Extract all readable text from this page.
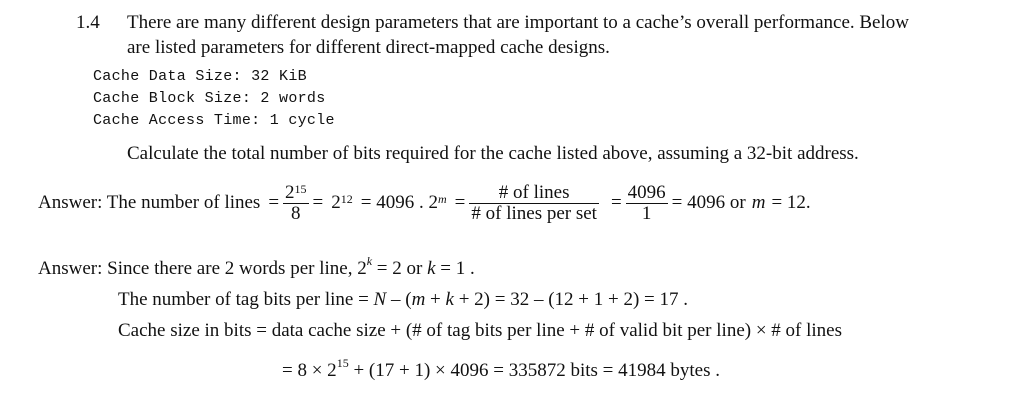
1.4 There are many different design parameters that are important to a cache’s overall performance. Below
are listed parameters for different direct-mapped cache designs.
Cache Data Size: 32 KiB
Cache Block Size: 2 words
Cache Access Time: 1 cycle
Calculate the total number of bits required for the cache listed above, assuming a 32-bit address.
Answer: The number of lines = $\frac{2^{15}}{8} = 2^{12} = 4096$ . $2^m = \frac{\text{\# of lines}}{\text{\# of lines per set}} = \frac{4096}{1} = 4096$ or m = 12.
Answer: Since there are 2 words per line, $2^k = 2$ or k = 1 .
The number of tag bits per line = N – (m + k + 2) = 32 – (12 + 1 + 2) = 17 .
Cache size in bits = data cache size + (# of tag bits per line + # of valid bit per line) × # of lines
= $8 \times 2^{15} + (17 + 1) \times 4096 = 335872$ bits = 41984 bytes .
